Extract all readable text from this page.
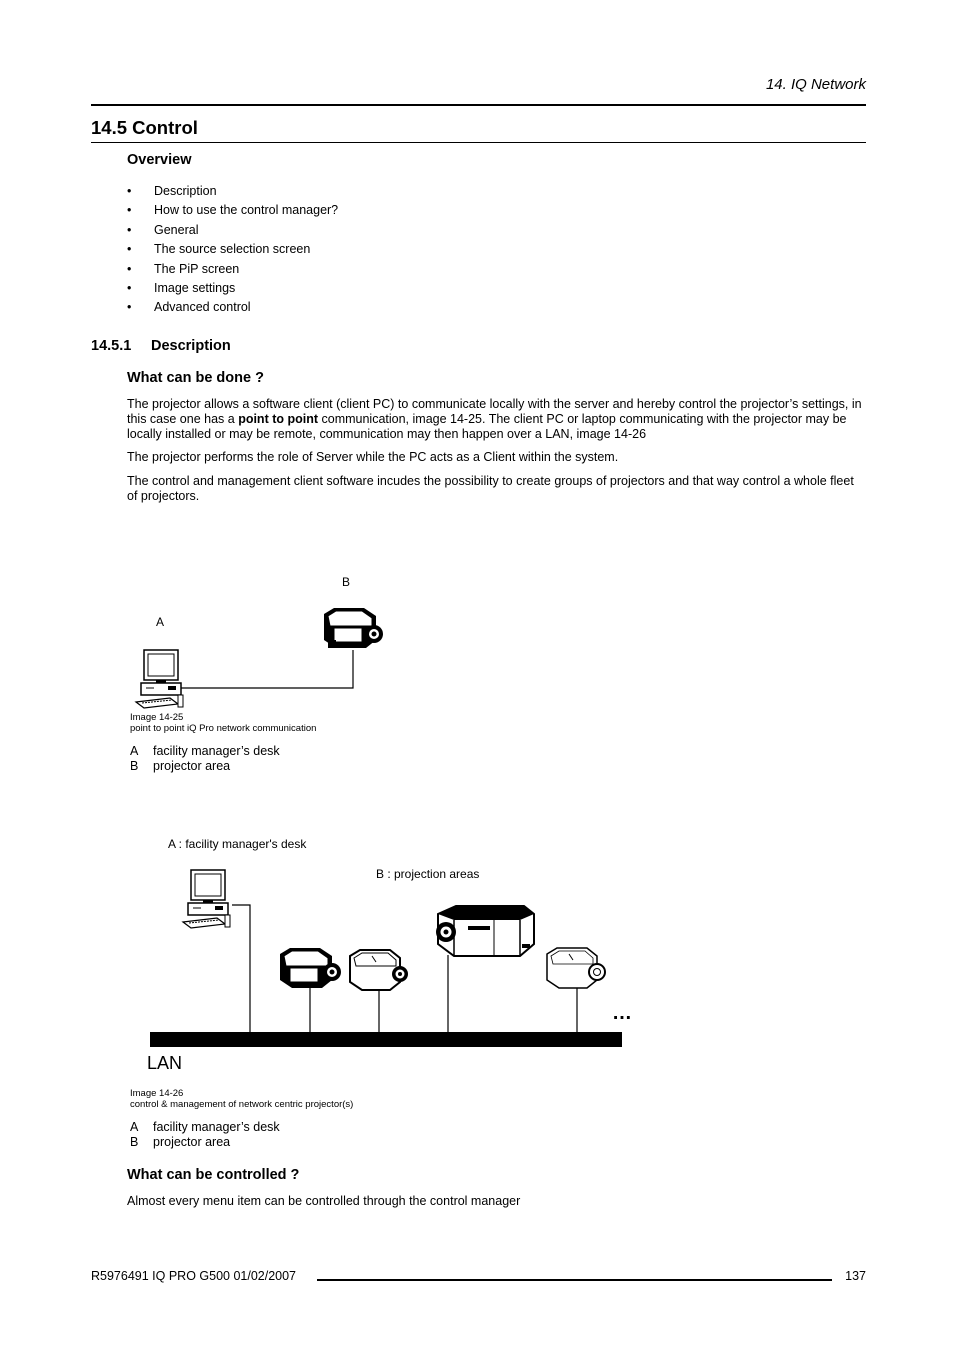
14. IQ Network
14.5 Control
Overview
• Description
• How to use the control manager?
• General
• The source selection screen
• The PiP screen
• Image settings
• Advanced control
14.5.1 Description
What can be done ?
The projector allows a software client (client PC) to communicate locally with the server and hereby control the projector’s settings, in this case one has a point to point communication, image 14-25. The client PC or laptop communicating with the projector may be locally installed or may be remote, communication may then happen over a LAN, image 14-26
The projector performs the role of Server while the PC acts as a Client within the system.
The control and management client software incudes the possibility to create groups of projectors and that way control a whole fleet of projectors.
B
A
Image 14-25
point to point iQ Pro network communication
A facility manager’s desk
B projector area
A : facility manager's desk
B : projection areas
…
LAN
Image 14-26
control & management of network centric projector(s)
A facility manager’s desk
B projector area
What can be controlled ?
Almost every menu item can be controlled through the control manager
R5976491 IQ PRO G500 01/02/2007	137
